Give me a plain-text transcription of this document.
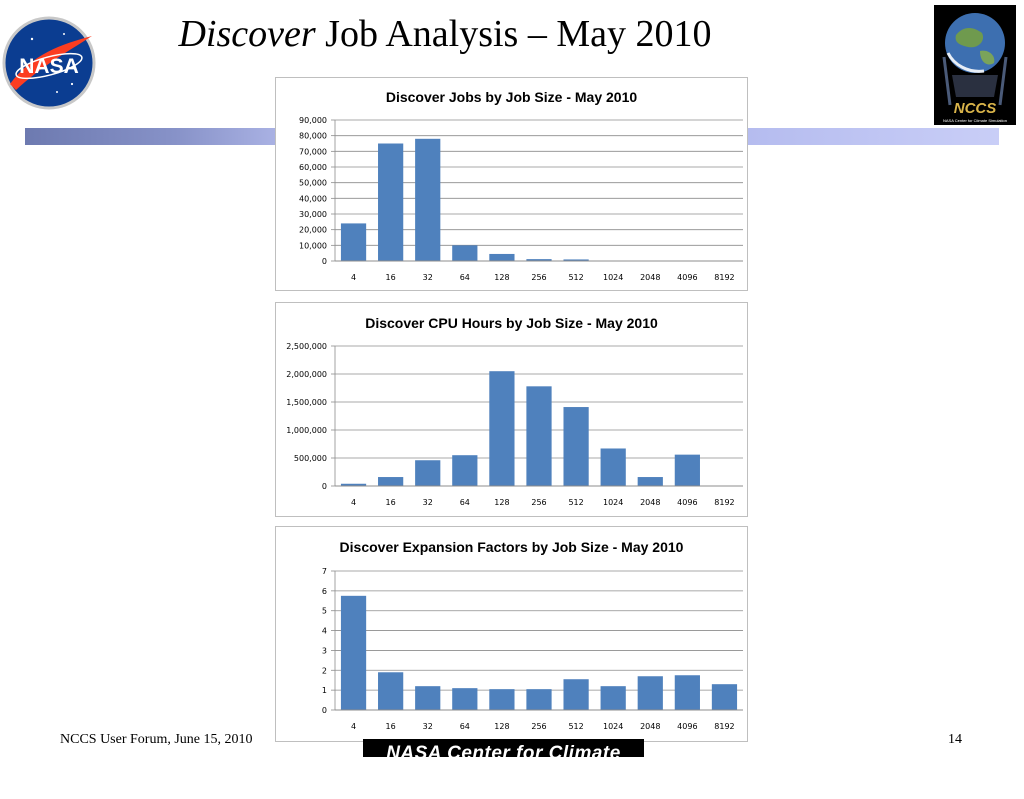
Discover Job Analysis – May 2010
NASA
NCCS
NASA Center for Climate Simulation
Discover Jobs by Job Size - May 2010
0
10,000
20,000
30,000
40,000
50,000
60,000
70,000
80,000
90,000
4	16	32	64	128	256	512 1024 2048 4096 8192
Discover CPU Hours by Job Size - May 2010
0
500,000
1,000,000
1,500,000
2,000,000
2,500,000
4	16	32	64	128	256	512 1024 2048 4096 8192
Discover Expansion Factors by Job Size - May 2010
0
1
2
3
4
5
6
7
4	16	32	64	128	256	512 1024 2048 4096 8192
NCCS User Forum, June 15, 2010
NASA Center for Climate Simulation
14
